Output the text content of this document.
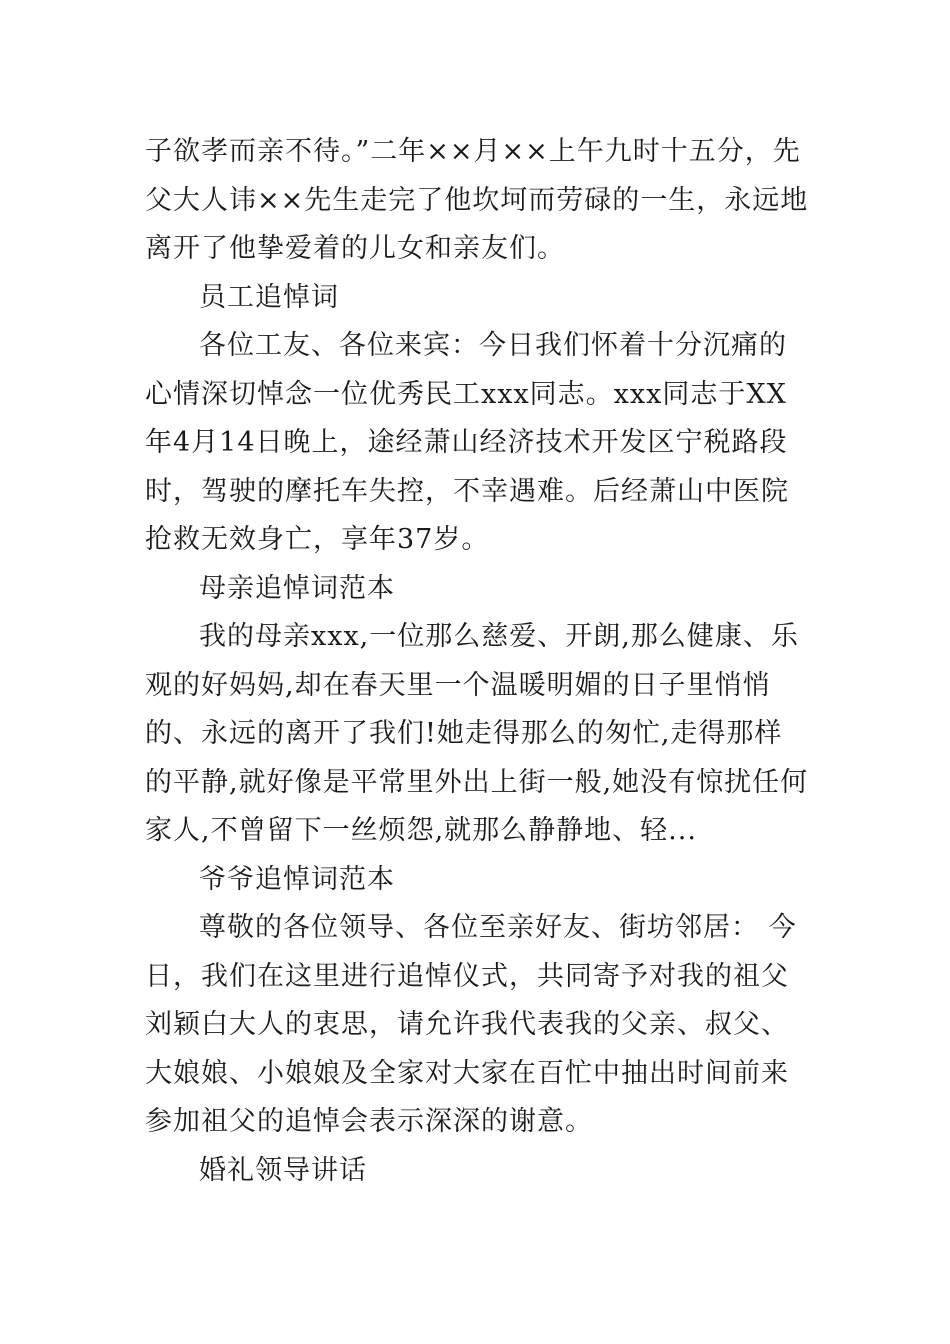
子欲孝而亲不待。”二年××月××上午九时十五分，先父大人讳××先生走完了他坎坷而劳碌的一生，永远地离开了他挚爱着的儿女和亲友们。

员工追悼词

各位工友、各位来宾：今日我们怀着十分沉痛的心情深切悼念一位优秀民工xxx同志。xxx同志于XX年4月14日晚上，途经萧山经济技术开发区宁税路段时，驾驶的摩托车失控，不幸遇难。后经萧山中医院抢救无效身亡，享年37岁。

母亲追悼词范本

我的母亲xxx,一位那么慈爱、开朗,那么健康、乐观的好妈妈,却在春天里一个温暖明媚的日子里悄悄的、永远的离开了我们!她走得那么的匆忙,走得那样的平静,就好像是平常里外出上街一般,她没有惊扰任何家人,不曾留下一丝烦怨,就那么静静地、轻...

爷爷追悼词范本

尊敬的各位领导、各位至亲好友、街坊邻居： 今日，我们在这里进行追悼仪式，共同寄予对我的祖父刘颖白大人的衷思，请允许我代表我的父亲、叔父、大娘娘、小娘娘及全家对大家在百忙中抽出时间前来参加祖父的追悼会表示深深的谢意。

婚礼领导讲话
